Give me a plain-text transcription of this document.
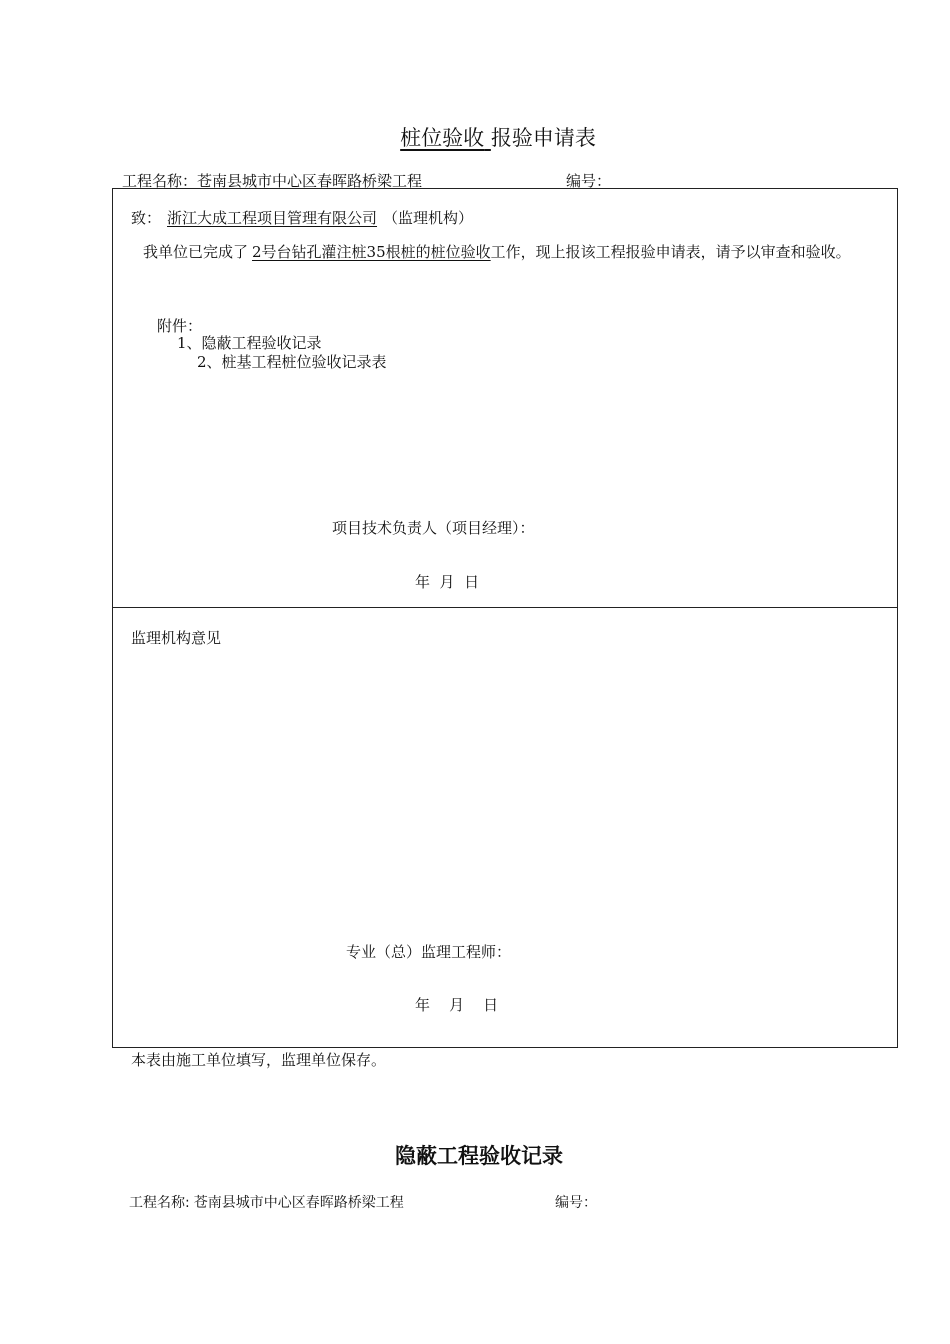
桩位验收 报验申请表
工程名称：苍南县城市中心区春晖路桥梁工程	编号：
致： 浙江大成工程项目管理有限公司 （监理机构）
我单位已完成了 2号台钻孔灌注桩35根桩的桩位验收工作，现上报该工程报验申请表，请予以审查和验收。
附件：
1、隐蔽工程验收记录
2、桩基工程桩位验收记录表
项目技术负责人（项目经理）：
年  月  日
监理机构意见
专业（总）监理工程师：
年    月    日
本表由施工单位填写，监理单位保存。
隐蔽工程验收记录
工程名称: 苍南县城市中心区春晖路桥梁工程	编号：
